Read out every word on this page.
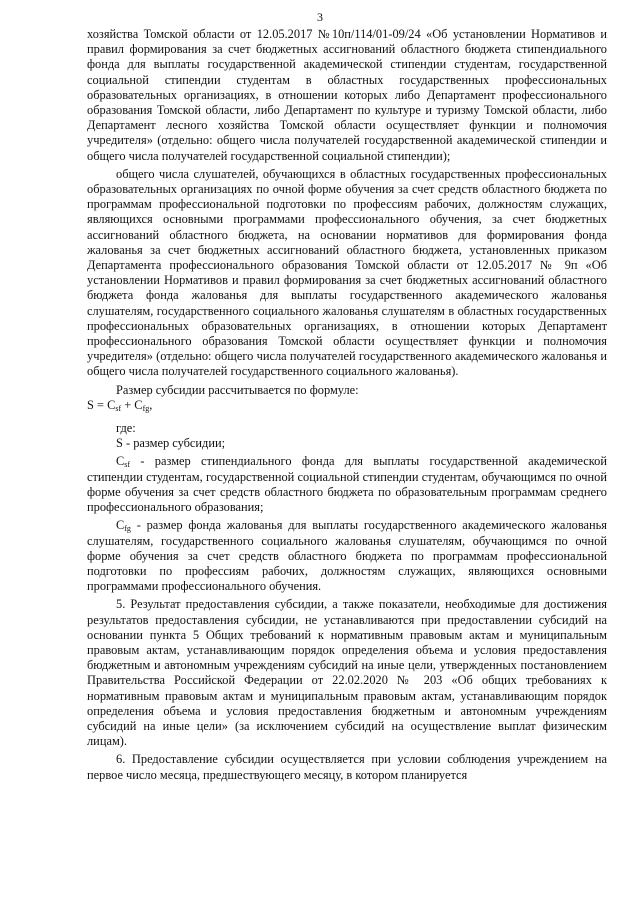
3

хозяйства Томской области от 12.05.2017 №10п/114/01-09/24 «Об установлении Нормативов и правил формирования за счет бюджетных ассигнований областного бюджета стипендиального фонда для выплаты государственной академической стипендии студентам, государственной социальной стипендии студентам в областных государственных профессиональных образовательных организациях, в отношении которых либо Департамент профессионального образования Томской области, либо Департамент по культуре и туризму Томской области, либо Департамент лесного хозяйства Томской области осуществляет функции и полномочия учредителя» (отдельно: общего числа получателей государственной академической стипендии и общего числа получателей государственной социальной стипендии);

общего числа слушателей, обучающихся в областных государственных профессиональных образовательных организациях по очной форме обучения за счет средств областного бюджета по программам профессиональной подготовки по профессиям рабочих, должностям служащих, являющихся основными программами профессионального обучения, за счет бюджетных ассигнований областного бюджета, на основании нормативов для формирования фонда жалованья за счет бюджетных ассигнований областного бюджета, установленных приказом Департамента профессионального образования Томской области от 12.05.2017 № 9п «Об установлении Нормативов и правил формирования за счет бюджетных ассигнований областного бюджета фонда жалованья для выплаты государственного академического жалованья слушателям, государственного социального жалованья слушателям в областных государственных профессиональных образовательных организациях, в отношении которых Департамент профессионального образования Томской области осуществляет функции и полномочия учредителя» (отдельно: общего числа получателей государственного академического жалованья и общего числа получателей государственного социального жалованья).

Размер субсидии рассчитывается по формуле:

$S = C_{sf} + C_{fg}$,

где:

S - размер субсидии;

$C_{sf}$ - размер стипендиального фонда для выплаты государственной академической стипендии студентам, государственной социальной стипендии студентам, обучающимся по очной форме обучения за счет средств областного бюджета по образовательным программам среднего профессионального образования;

$C_{fg}$ - размер фонда жалованья для выплаты государственного академического жалованья слушателям, государственного социального жалованья слушателям, обучающимся по очной форме обучения за счет средств областного бюджета по программам профессиональной подготовки по профессиям рабочих, должностям служащих, являющихся основными программами профессионального обучения.

5. Результат предоставления субсидии, а также показатели, необходимые для достижения результатов предоставления субсидии, не устанавливаются при предоставлении субсидий на основании пункта 5 Общих требований к нормативным правовым актам и муниципальным правовым актам, устанавливающим порядок определения объема и условия предоставления бюджетным и автономным учреждениям субсидий на иные цели, утвержденных постановлением Правительства Российской Федерации от 22.02.2020 № 203 «Об общих требованиях к нормативным правовым актам и муниципальным правовым актам, устанавливающим порядок определения объема и условия предоставления бюджетным и автономным учреждениям субсидий на иные цели» (за исключением субсидий на осуществление выплат физическим лицам).

6. Предоставление субсидии осуществляется при условии соблюдения учреждением на первое число месяца, предшествующего месяцу, в котором планируется
